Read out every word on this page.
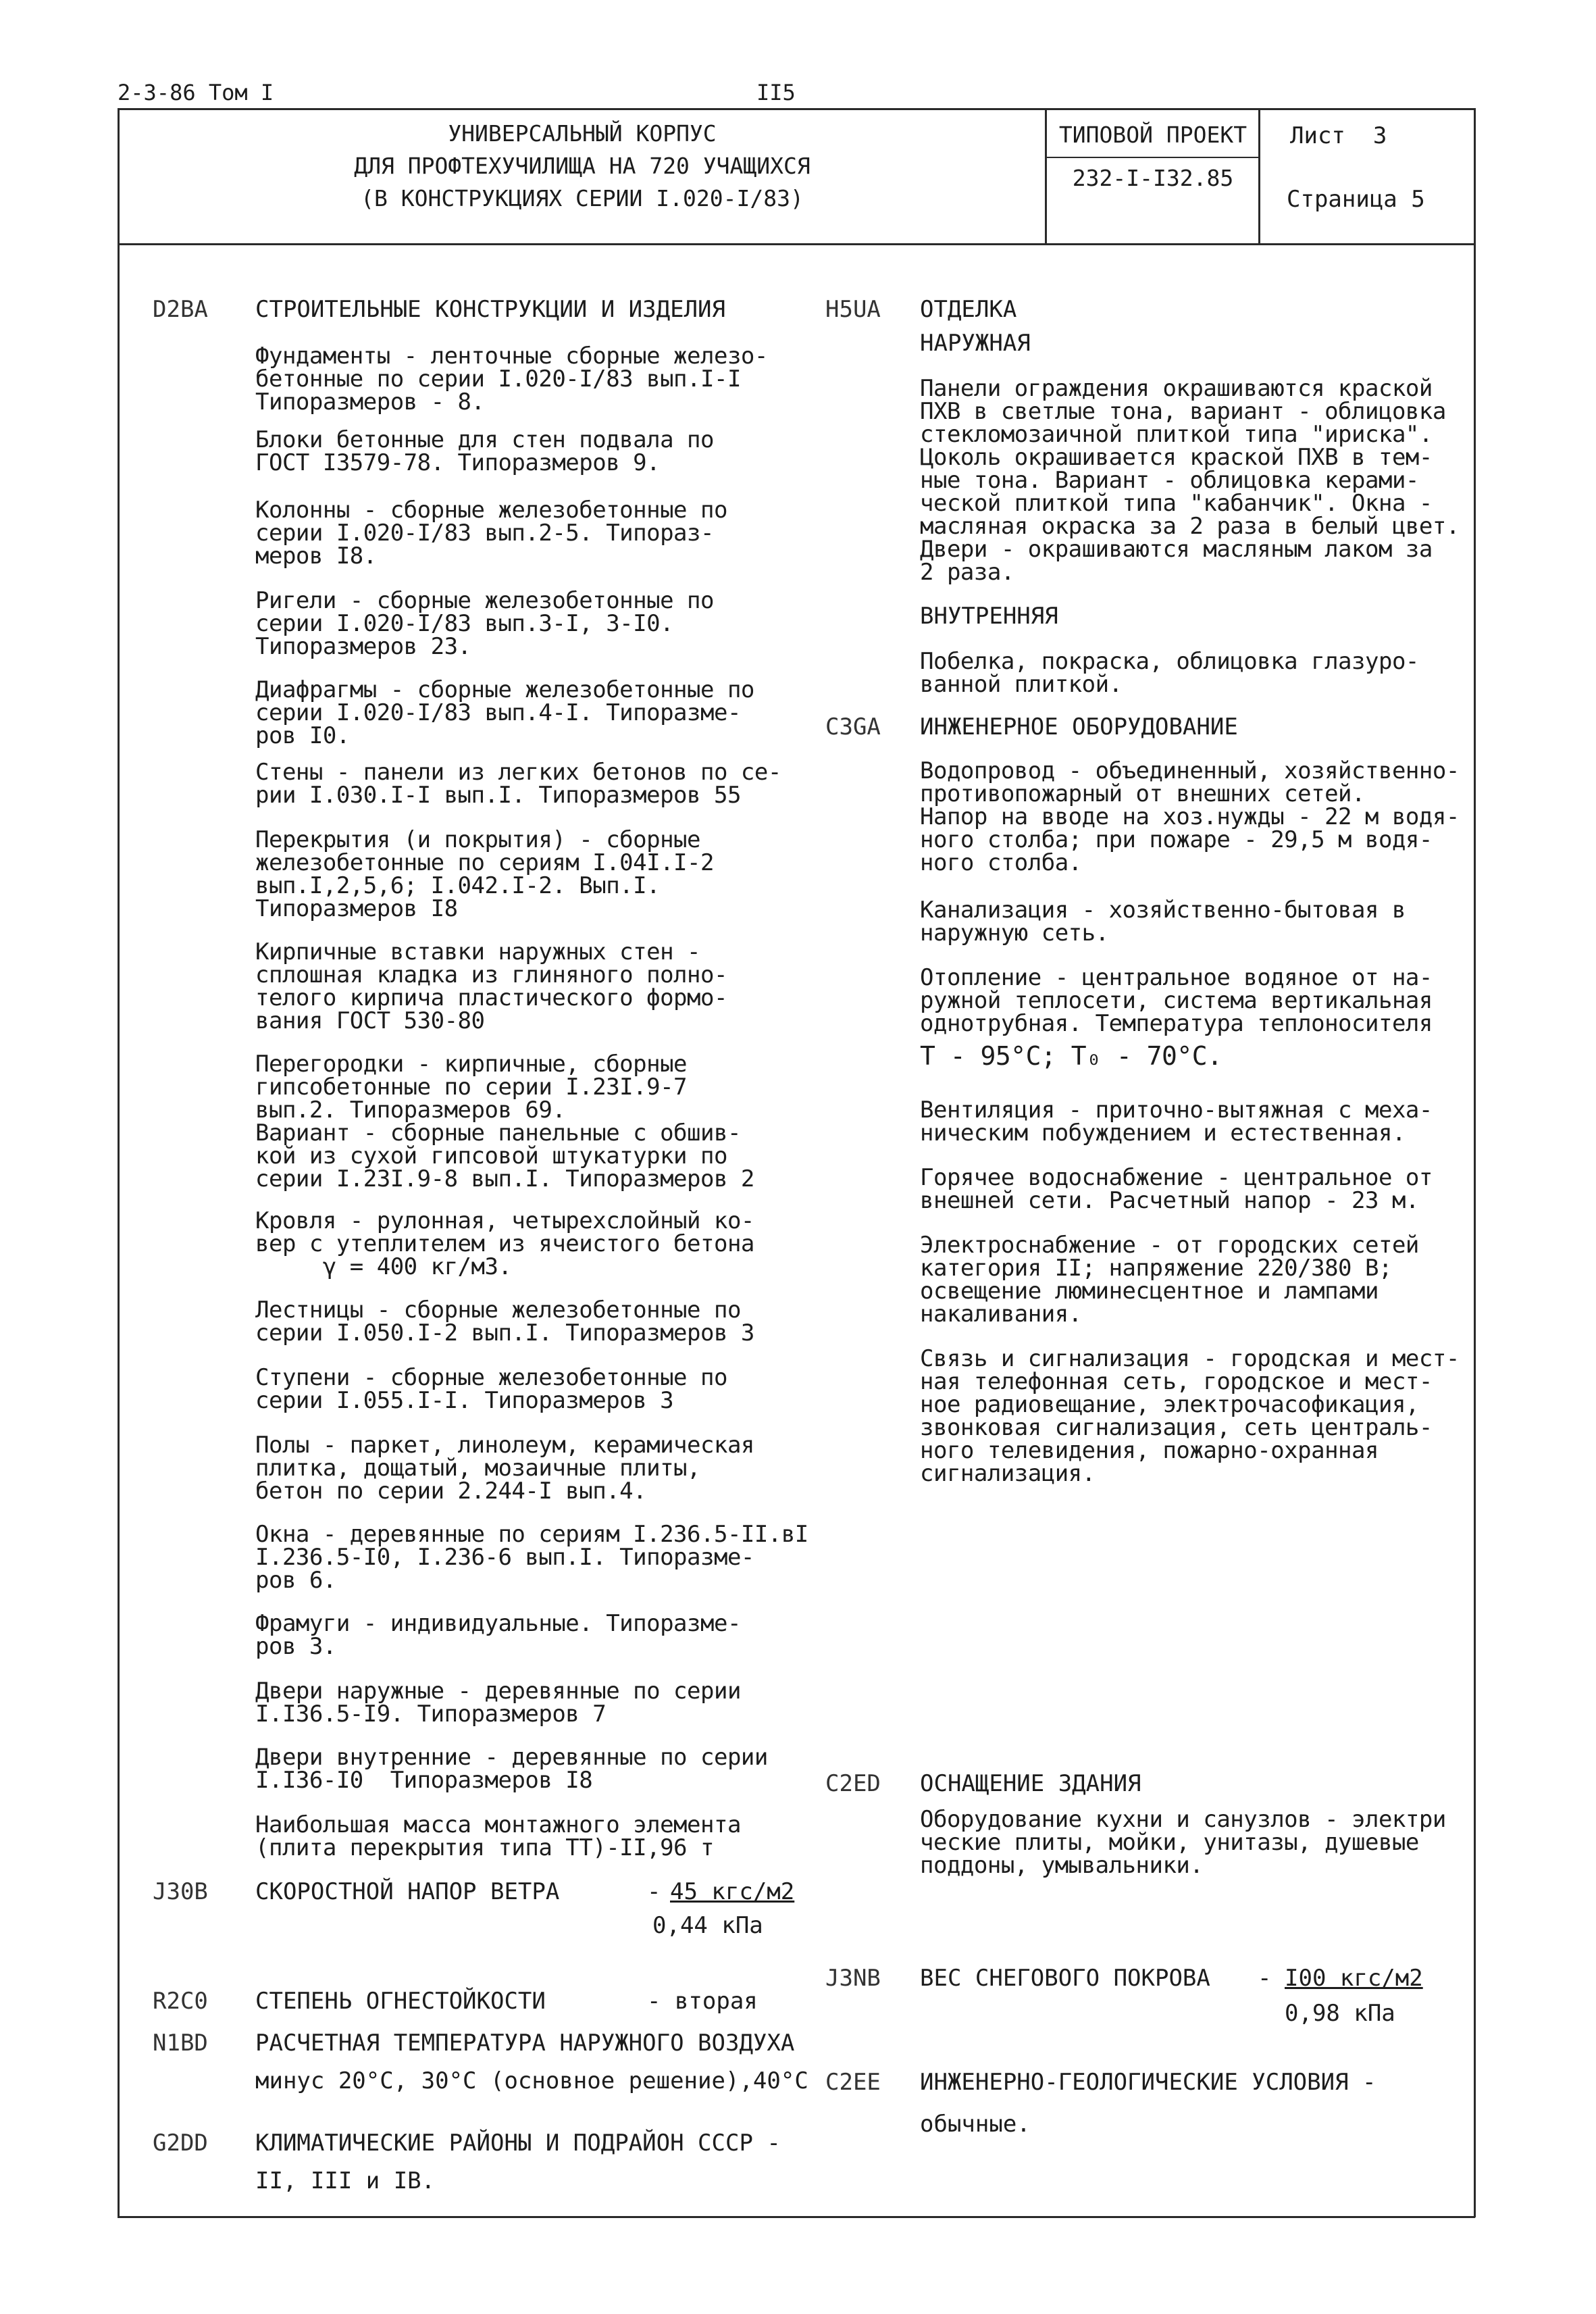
2-3-86 Том I	II5
УНИВЕРСАЛЬНЫЙ КОРПУС
ДЛЯ ПРОФТЕХУЧИЛИЩА НА 720 УЧАЩИХСЯ
(В КОНСТРУКЦИЯХ СЕРИИ I.020-I/83)
ТИПОВОЙ ПРОЕКТ
232-I-I32.85
Лист  3
Страница 5
D2BA СТРОИТЕЛЬНЫЕ КОНСТРУКЦИИ И ИЗДЕЛИЯ
Фундаменты - ленточные сборные железо-
бетонные по серии I.020-I/83 вып.I-I
Типоразмеров - 8.
Блоки бетонные для стен подвала по
ГОСТ I3579-78. Типоразмеров 9.
Колонны - сборные железобетонные по
серии I.020-I/83 вып.2-5. Типораз-
меров I8.
Ригели - сборные железобетонные по
серии I.020-I/83 вып.3-I, 3-I0.
Типоразмеров 23.
Диафрагмы - сборные железобетонные по
серии I.020-I/83 вып.4-I. Типоразме-
ров I0.
Стены - панели из легких бетонов по се-
рии I.030.I-I вып.I. Типоразмеров 55
Перекрытия (и покрытия) - сборные
железобетонные по сериям I.04I.I-2
вып.I,2,5,6; I.042.I-2. Вып.I.
Типоразмеров I8
Кирпичные вставки наружных стен -
сплошная кладка из глиняного полно-
телого кирпича пластического формо-
вания ГОСТ 530-80
Перегородки - кирпичные, сборные
гипсобетонные по серии I.23I.9-7
вып.2. Типоразмеров 69.
Вариант - сборные панельные с обшив-
кой из сухой гипсовой штукатурки по
серии I.23I.9-8 вып.I. Типоразмеров 2
Кровля - рулонная, четырехслойный ко-
вер с утеплителем из ячеистого бетона
γ = 400 кг/м3.
Лестницы - сборные железобетонные по
серии I.050.I-2 вып.I. Типоразмеров 3
Ступени - сборные железобетонные по
серии I.055.I-I. Типоразмеров 3
Полы - паркет, линолеум, керамическая
плитка, дощатый, мозаичные плиты,
бетон по серии 2.244-I вып.4.
Окна - деревянные по сериям I.236.5-II.вI
I.236.5-I0, I.236-6 вып.I. Типоразме-
ров 6.
Фрамуги - индивидуальные. Типоразме-
ров 3.
Двери наружные - деревянные по серии
I.I36.5-I9. Типоразмеров 7
Двери внутренние - деревянные по серии
I.I36-I0  Типоразмеров I8
Наибольшая масса монтажного элемента
(плита перекрытия типа ТТ)-II,96 т
J30B СКОРОСТНОЙ НАПОР ВЕТРА	- 45 кгс/м2
0,44 кПа
R2C0 СТЕПЕНЬ ОГНЕСТОЙКОСТИ	- вторая
N1BD РАСЧЕТНАЯ ТЕМПЕРАТУРА НАРУЖНОГО ВОЗДУХА
минус 20°C, 30°C (основное решение),40°C
G2DD КЛИМАТИЧЕСКИЕ РАЙОНЫ И ПОДРАЙОН СССР -
II, III и IВ.
H5UA ОТДЕЛКА
НАРУЖНАЯ
Панели ограждения окрашиваются краской
ПХВ в светлые тона, вариант - облицовка
стекломозаичной плиткой типа "ириска".
Цоколь окрашивается краской ПХВ в тем-
ные тона. Вариант - облицовка керами-
ческой плиткой типа "кабанчик". Окна -
масляная окраска за 2 раза в белый цвет.
Двери - окрашиваются масляным лаком за
2 раза.
ВНУТРЕННЯЯ
Побелка, покраска, облицовка глазуро-
ванной плиткой.
C3GA ИНЖЕНЕРНОЕ ОБОРУДОВАНИЕ
Водопровод - объединенный, хозяйственно-
противопожарный от внешних сетей.
Напор на вводе на хоз.нужды - 22 м водя-
ного столба; при пожаре - 29,5 м водя-
ного столба.
Канализация - хозяйственно-бытовая в
наружную сеть.
Отопление - центральное водяное от на-
ружной теплосети, система вертикальная
однотрубная. Температура теплоносителя
Т - 95°C; Т₀ - 70°C.
Вентиляция - приточно-вытяжная с меха-
ническим побуждением и естественная.
Горячее водоснабжение - центральное от
внешней сети. Расчетный напор - 23 м.
Электроснабжение - от городских сетей
категория II; напряжение 220/380 В;
освещение люминесцентное и лампами
накаливания.
Связь и сигнализация - городская и мест-
ная телефонная сеть, городское и мест-
ное радиовещание, электрочасофикация,
звонковая сигнализация, сеть централь-
ного телевидения, пожарно-охранная
сигнализация.
C2ED ОСНАЩЕНИЕ ЗДАНИЯ
Оборудование кухни и санузлов - электри
ческие плиты, мойки, унитазы, душевые
поддоны, умывальники.
J3NB ВЕС СНЕГОВОГО ПОКРОВА - I00 кгс/м2
0,98 кПа
C2EE ИНЖЕНЕРНО-ГЕОЛОГИЧЕСКИЕ УСЛОВИЯ -
обычные.
